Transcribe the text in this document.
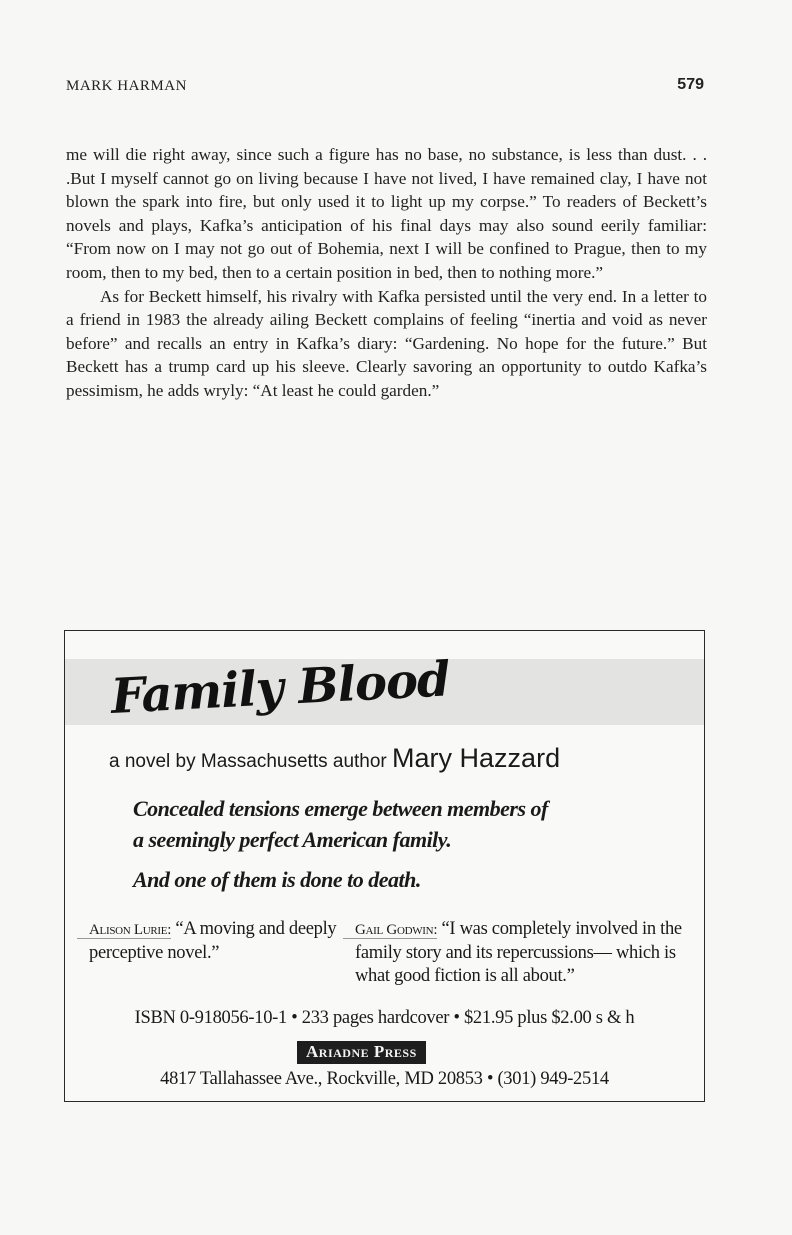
MARK HARMAN	579

me will die right away, since such a figure has no base, no substance, is less than dust. . . .But I myself cannot go on living because I have not lived, I have remained clay, I have not blown the spark into fire, but only used it to light up my corpse.” To readers of Beckett’s novels and plays, Kafka’s anticipation of his final days may also sound eerily familiar: “From now on I may not go out of Bohemia, next I will be confined to Prague, then to my room, then to my bed, then to a certain position in bed, then to nothing more.”

As for Beckett himself, his rivalry with Kafka persisted until the very end. In a letter to a friend in 1983 the already ailing Beckett complains of feeling “inertia and void as never before” and recalls an entry in Kafka’s diary: “Gardening. No hope for the future.” But Beckett has a trump card up his sleeve. Clearly savoring an opportunity to outdo Kafka’s pessimism, he adds wryly: “At least he could garden.”

Family Blood
a novel by Massachusetts author Mary Hazzard
Concealed tensions emerge between members of
a seemingly perfect American family.
And one of them is done to death.
Alison Lurie: “A moving and deeply perceptive novel.”
Gail Godwin: “I was completely involved in the family story and its repercussions— which is what good fiction is all about.”
ISBN 0-918056-10-1 • 233 pages hardcover • $21.95 plus $2.00 s & h
Ariadne Press
4817 Tallahassee Ave., Rockville, MD 20853 • (301) 949-2514
